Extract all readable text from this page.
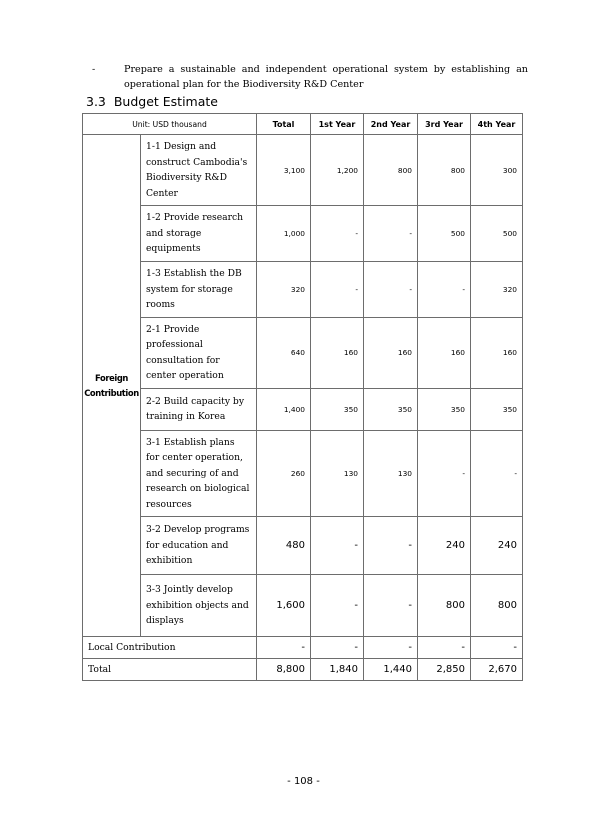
-	Prepare a sustainable and independent operational system by establishing an operational plan for the Biodiversity R&D Center
3.3 Budget Estimate
Unit: USD thousand		Total	1st Year	2nd Year	3rd Year	4th Year
Foreign Contribution	1-1 Design and construct Cambodia's Biodiversity R&D Center	3,100	1,200	800	800	300
	1-2 Provide research and storage equipments	1,000	-	-	500	500
	1-3 Establish the DB system for storage rooms	320	-	-	-	320
	2-1 Provide professional consultation for center operation	640	160	160	160	160
	2-2 Build capacity by training in Korea	1,400	350	350	350	350
	3-1 Establish plans for center operation, and securing of and research on biological resources	260	130	130	-	-
	3-2 Develop programs for education and exhibition	480	-	-	240	240
	3-3 Jointly develop exhibition objects and displays	1,600	-	-	800	800
Local Contribution		-	-	-	-	-
Total		8,800	1,840	1,440	2,850	2,670
- 108 -
